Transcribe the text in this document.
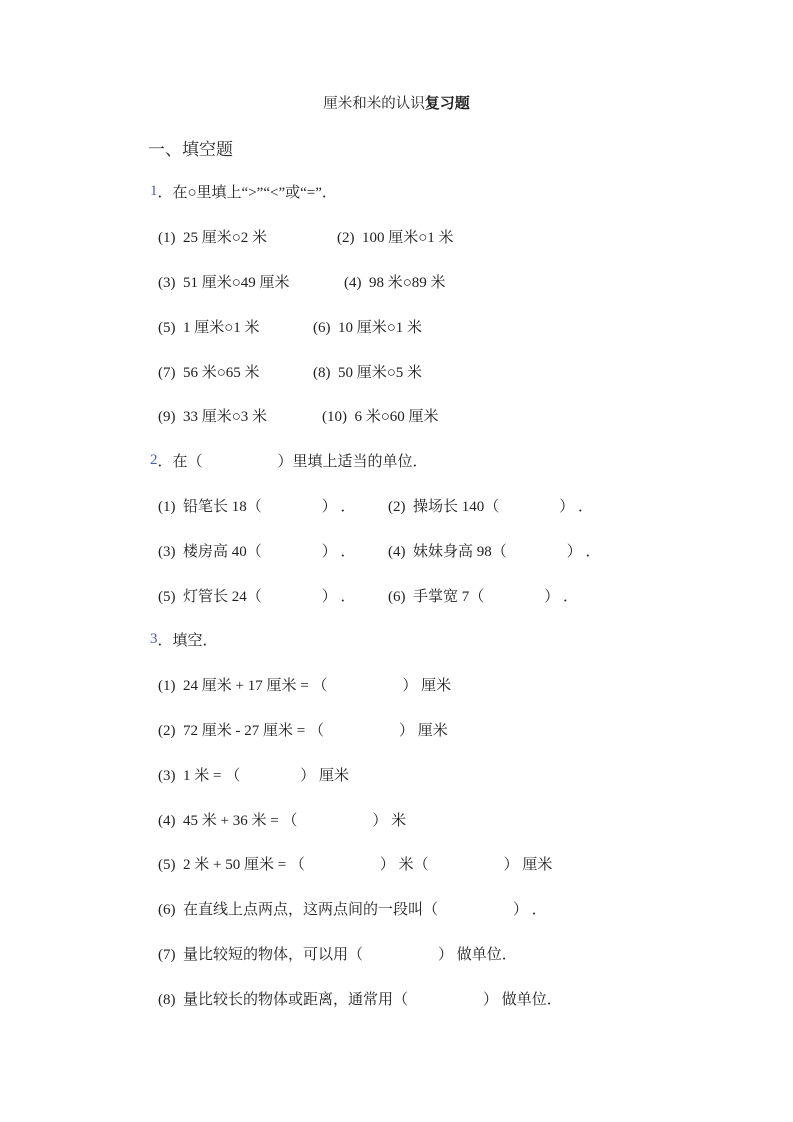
厘米和米的认识 复习题
一、填空题
1 ．在○里填上“>”“<”或“=”．
(1)  25 厘米○2 米	(2)  100 厘米○1 米
(3)  51 厘米○49 厘米	(4)  98 米○89 米
(5)  1 厘米○1 米	(6)  10 厘米○1 米
(7)  56 米○65 米	(8)  50 厘米○5 米
(9)  33 厘米○3 米	(10)  6 米○60 厘米
2 ．在（　　　　　）里填上适当的单位．
(1)  铅笔长 18（　　　　） ．	(2)  操场长 140（　　　　） ．
(3)  楼房高 40（　　　　） ．	(4)  妹妹身高 98（　　　　） ．
(5)  灯管长 24（　　　　） ．	(6)  手掌宽 7（　　　　） ．
3 ．填空．
(1)  24 厘米 + 17 厘米 = （　　　　　） 厘米
(2)  72 厘米 - 27 厘米 = （　　　　　） 厘米
(3)  1 米 = （　　　　） 厘米
(4)  45 米 + 36 米 = （　　　　　） 米
(5)  2 米 + 50 厘米 = （　　　　　） 米（　　　　　） 厘米
(6)  在直线上点两点，这两点间的一段叫（　　　　　） ．
(7)  量比较短的物体，可以用（　　　　　） 做单位．
(8)  量比较长的物体或距离，通常用（　　　　　） 做单位．
